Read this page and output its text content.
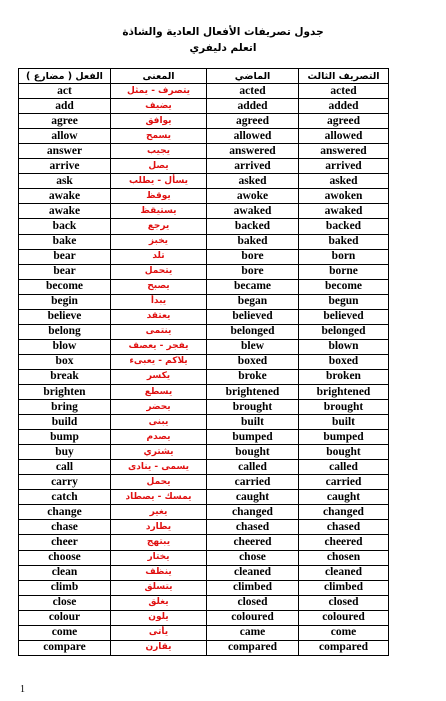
جدول تصريفات الأفعال العادية والشاذة
اتعلم دليفري
الفعل ( مضارع )	المعنى	الماضي	التصريف الثالث
act	يتصرف - يمثل	acted	acted
add	يضيف	added	added
agree	يوافق	agreed	agreed
allow	يسمح	allowed	allowed
answer	يجيب	answered	answered
arrive	يصل	arrived	arrived
ask	يسأل - يطلب	asked	asked
awake	يوقظ	awoke	awoken
awake	يستيقظ	awaked	awaked
back	يرجع	backed	backed
bake	يخبز	baked	baked
bear	تلد	bore	born
bear	يتحمل	bore	borne
become	يصبح	became	become
begin	يبدأ	began	begun
believe	يعتقد	believed	believed
belong	ينتمى	belonged	belonged
blow	يفجر - يعصف	blew	blown
box	يلاكم - يعبىء	boxed	boxed
break	يكسر	broke	broken
brighten	يسطع	brightened	brightened
bring	يحضر	brought	brought
build	يبنى	built	built
bump	يصدم	bumped	bumped
buy	يشتري	bought	bought
call	يسمى - ينادى	called	called
carry	يحمل	carried	carried
catch	يمسك - يصطاد	caught	caught
change	يغير	changed	changed
chase	يطارد	chased	chased
cheer	يبتهج	cheered	cheered
choose	يختار	chose	chosen
clean	ينظف	cleaned	cleaned
climb	يتسلق	climbed	climbed
close	يغلق	closed	closed
colour	يلون	coloured	coloured
come	يأتى	came	come
compare	يقارن	compared	compared
1
